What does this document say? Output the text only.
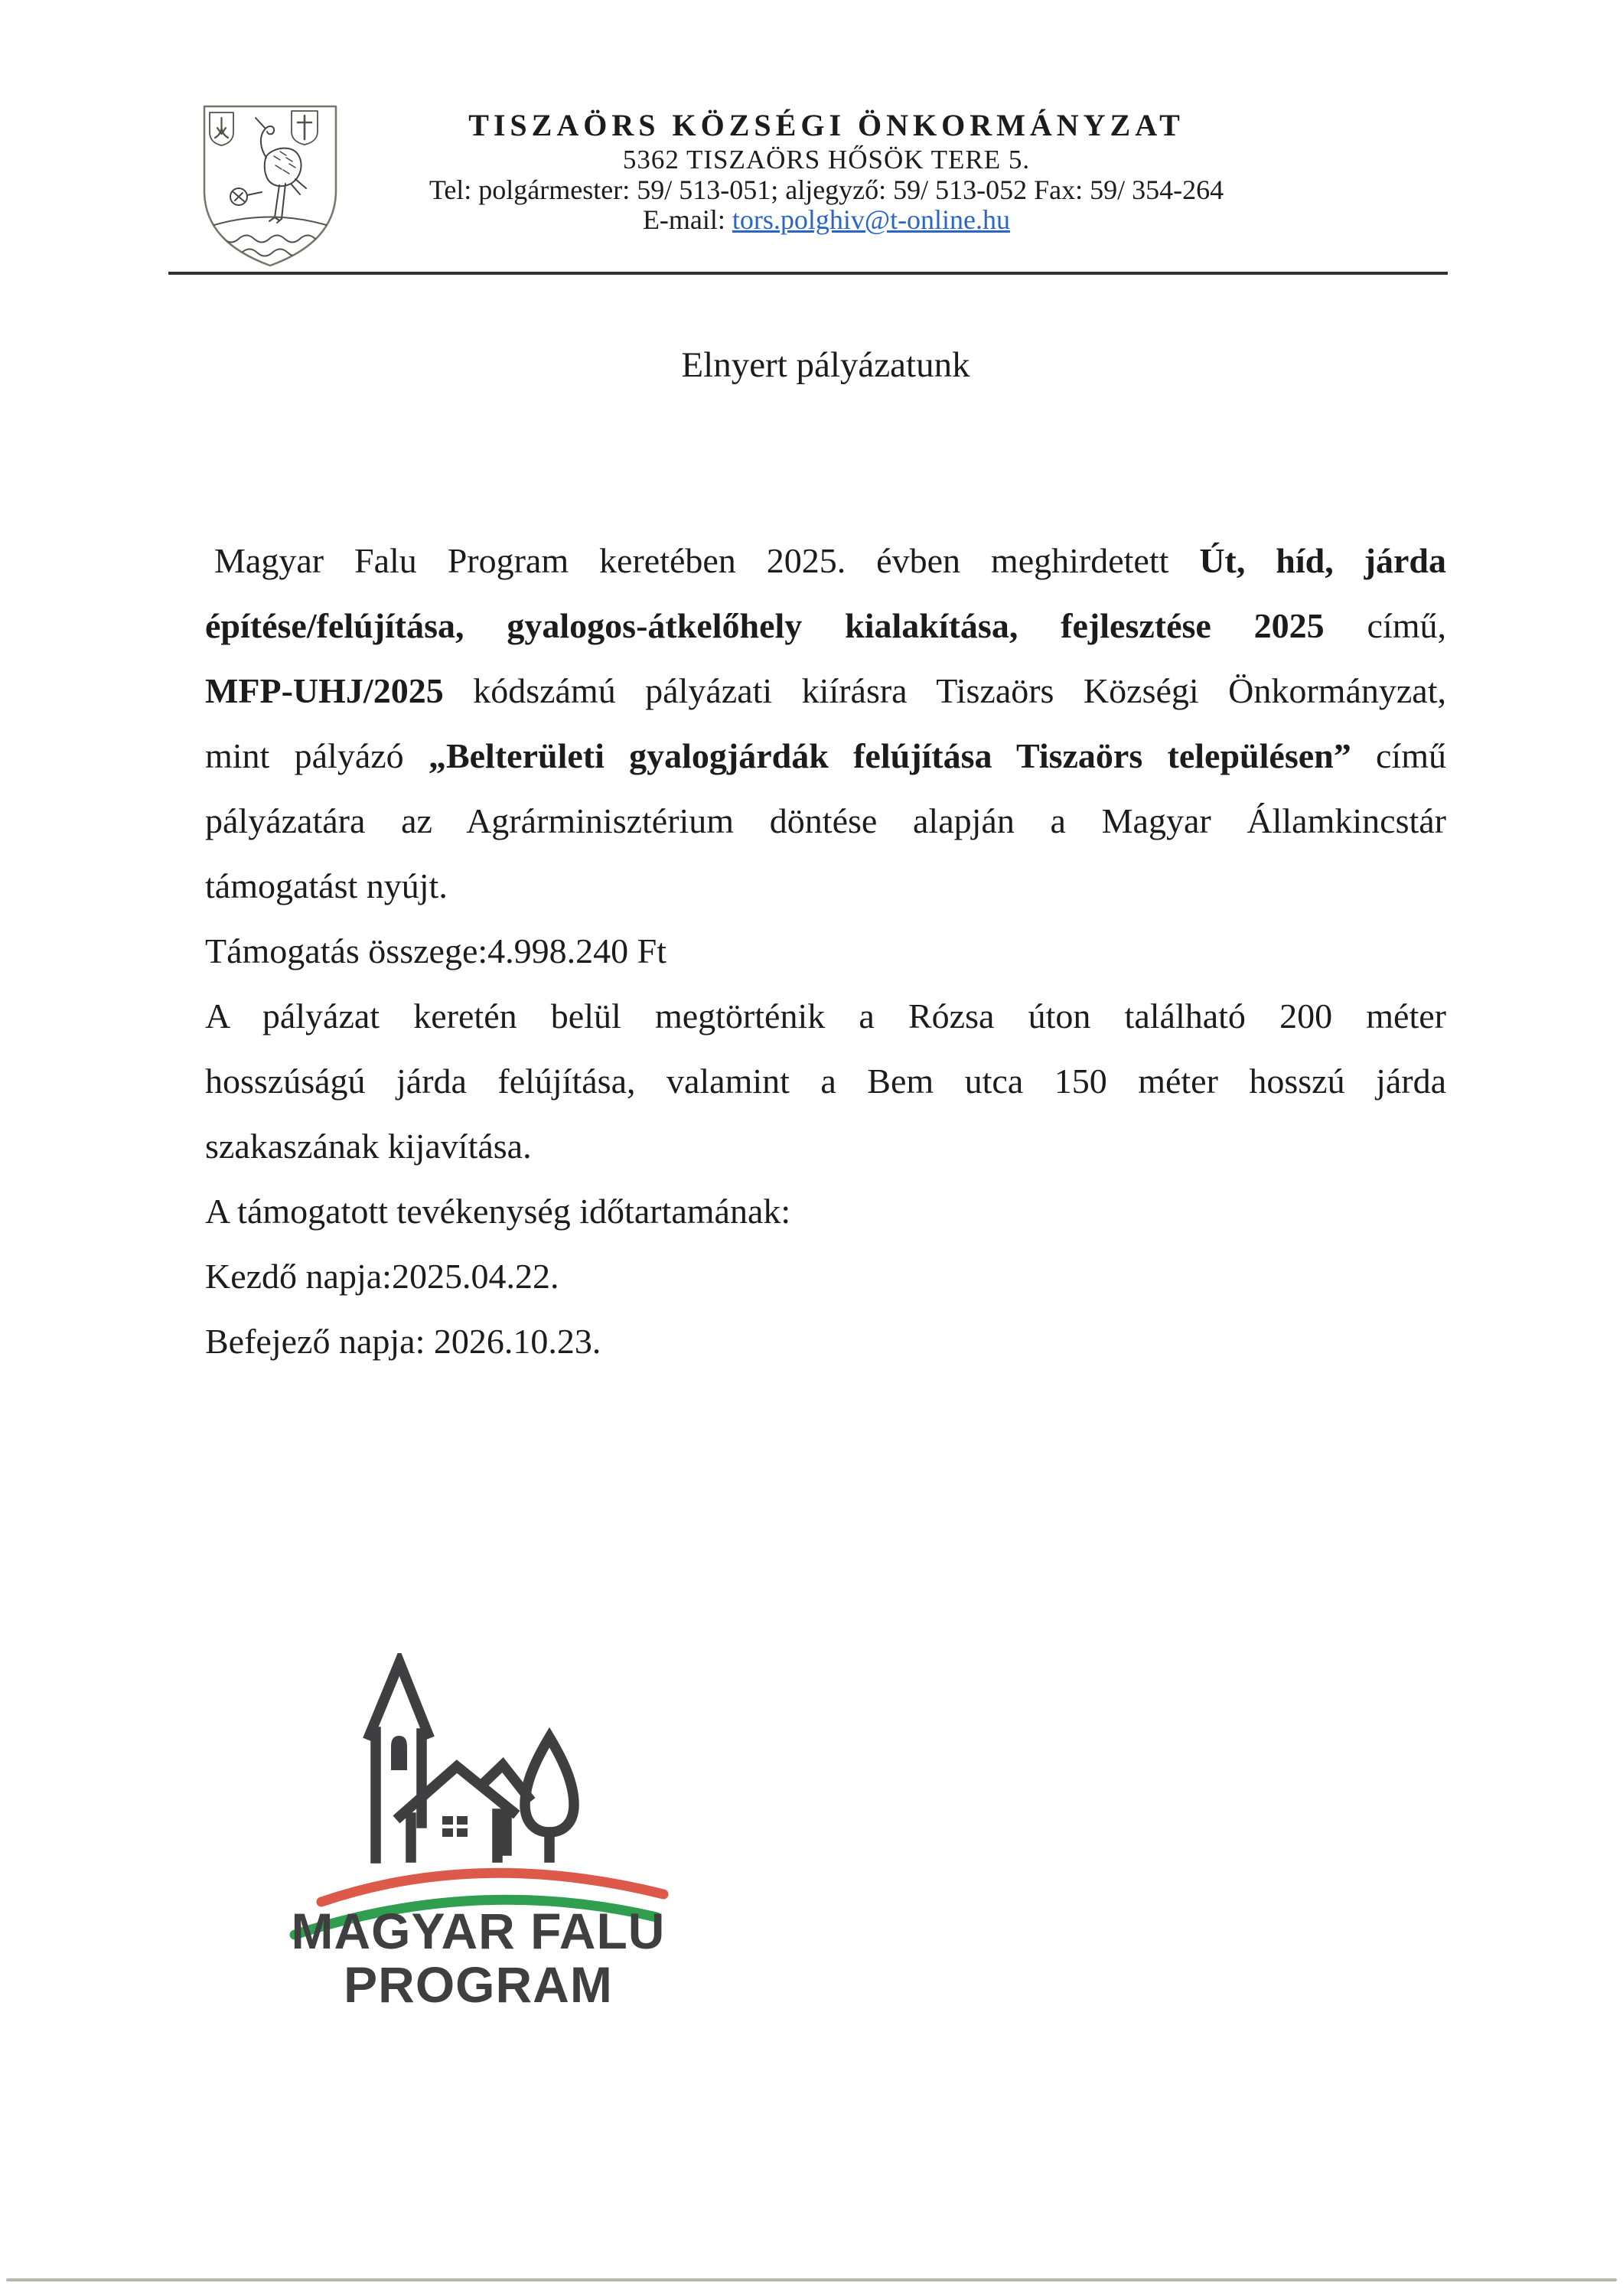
TISZAÖRS KÖZSÉGI ÖNKORMÁNYZAT
5362 TISZAÖRS HŐSÖK TERE 5.
Tel: polgármester: 59/ 513-051; aljegyző: 59/ 513-052 Fax: 59/ 354-264
E-mail: tors.polghiv@t-online.hu
Elnyert pályázatunk
Magyar Falu Program keretében 2025. évben meghirdetett Út, híd, járda
építése/felújítása, gyalogos-átkelőhely kialakítása, fejlesztése 2025 című,
MFP-UHJ/2025 kódszámú pályázati kiírásra Tiszaörs Községi Önkormányzat,
mint pályázó „Belterületi gyalogjárdák felújítása Tiszaörs településen” című
pályázatára az Agrárminisztérium döntése alapján a Magyar Államkincstár
támogatást nyújt.
Támogatás összege:4.998.240 Ft
A pályázat keretén belül megtörténik a Rózsa úton található 200 méter
hosszúságú járda felújítása, valamint a Bem utca 150 méter hosszú járda
szakaszának kijavítása.
A támogatott tevékenység időtartamának:
Kezdő napja:2025.04.22.
Befejező napja: 2026.10.23.
MAGYAR FALU
PROGRAM
